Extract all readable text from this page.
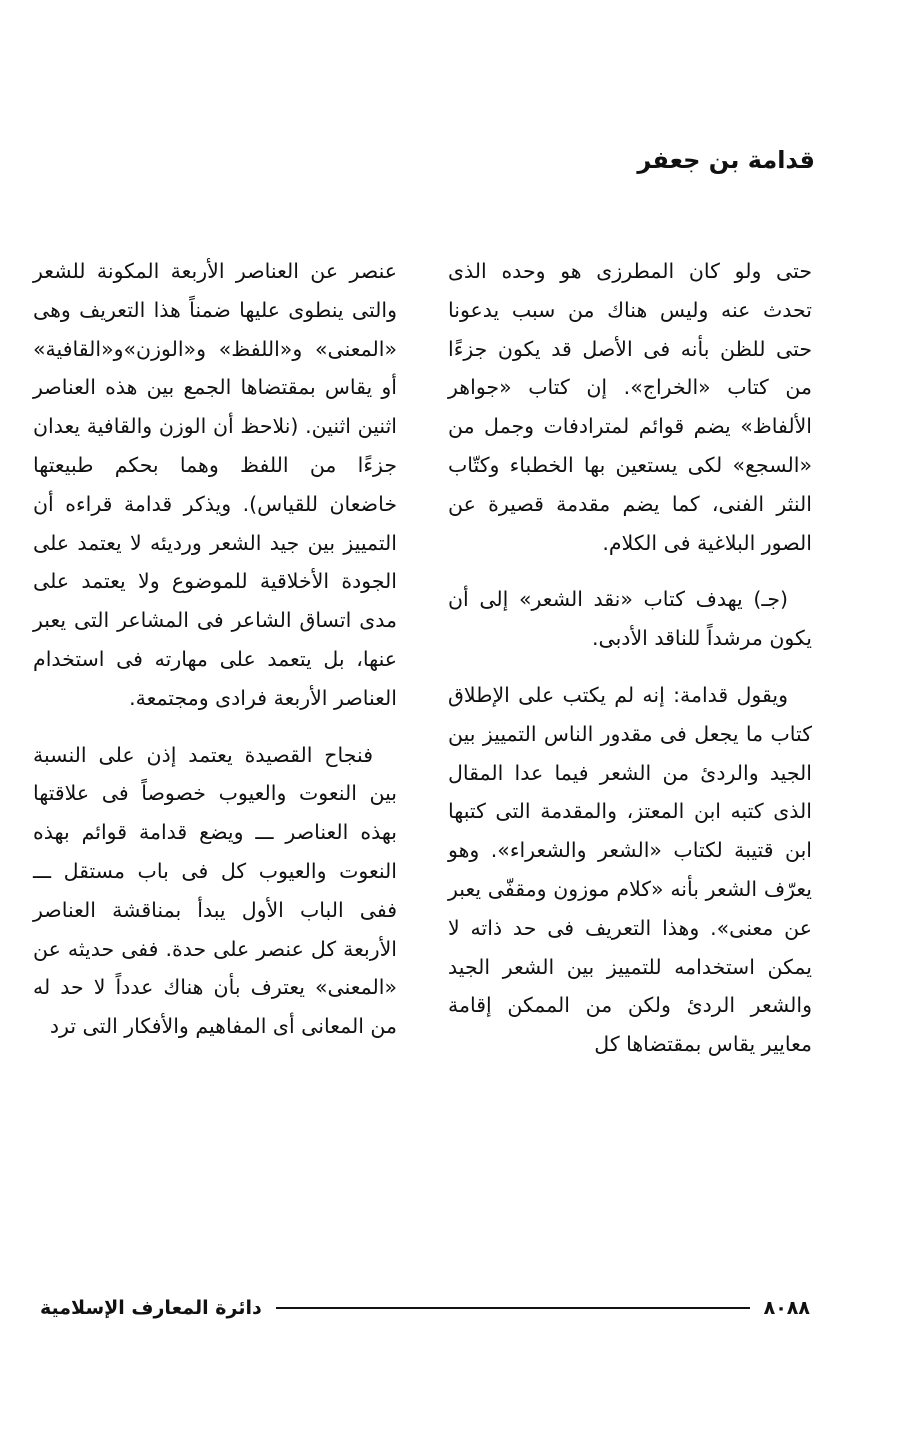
قدامة بن جعفر

حتى ولو كان المطرزى هو وحده الذى تحدث عنه وليس هناك من سبب يدعونا حتى للظن بأنه فى الأصل قد يكون جزءًا من كتاب «الخراج». إن كتاب «جواهر الألفاظ» يضم قوائم لمترادفات وجمل من «السجع» لكى يستعين بها الخطباء وكتّاب النثر الفنى، كما يضم مقدمة قصيرة عن الصور البلاغية فى الكلام.

(جـ) يهدف كتاب «نقد الشعر» إلى أن يكون مرشداً للناقد الأدبى.

ويقول قدامة: إنه لم يكتب على الإطلاق كتاب ما يجعل فى مقدور الناس التمييز بين الجيد والردئ من الشعر فيما عدا المقال الذى كتبه ابن المعتز، والمقدمة التى كتبها ابن قتيبة لكتاب «الشعر والشعراء». وهو يعرّف الشعر بأنه «كلام موزون ومقفّى يعبر عن معنى». وهذا التعريف فى حد ذاته لا يمكن استخدامه للتمييز بين الشعر الجيد والشعر الردئ ولكن من الممكن إقامة معايير يقاس بمقتضاها كل

عنصر عن العناصر الأربعة المكونة للشعر والتى ينطوى عليها ضمناً هذا التعريف وهى «المعنى» و«اللفظ» و«الوزن»و«القافية» أو يقاس بمقتضاها الجمع بين هذه العناصر اثنين اثنين. (نلاحظ أن الوزن والقافية يعدان جزءًا من اللفظ وهما بحكم طبيعتها خاضعان للقياس). ويذكر قدامة قراءه أن التمييز بين جيد الشعر ورديئه لا يعتمد على الجودة الأخلاقية للموضوع ولا يعتمد على مدى اتساق الشاعر فى المشاعر التى يعبر عنها، بل يتعمد على مهارته فى استخدام العناصر الأربعة فرادى ومجتمعة.

فنجاح القصيدة يعتمد إذن على النسبة بين النعوت والعيوب خصوصاً فى علاقتها بهذه العناصر ـــ ويضع قدامة قوائم بهذه النعوت والعيوب كل فى باب مستقل ـــ ففى الباب الأول يبدأ بمناقشة العناصر الأربعة كل عنصر على حدة. ففى حديثه عن «المعنى» يعترف بأن هناك عدداً لا حد له من المعانى أى المفاهيم والأفكار التى ترد

٨٠٨٨
دائرة المعارف الإسلامية
